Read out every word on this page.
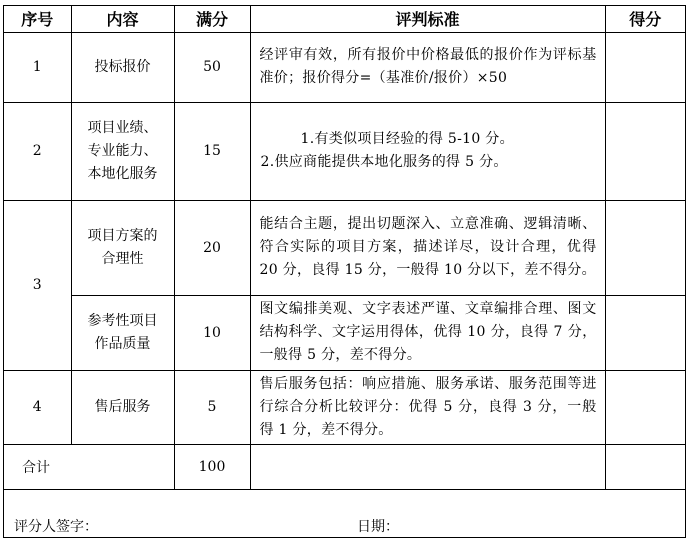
序号	内容	满分	评判标准	得分
1	投标报价	50	经评审有效，所有报价中价格最低的报价作为评标基准价；报价得分=（基准价/报价）×50	
2	项目业绩、专业能力、本地化服务	15	1.有类似项目经验的得 5-10 分。
2.供应商能提供本地化服务的得 5 分。	

3	项目方案的合理性	20	能结合主题，提出切题深入、立意准确、逻辑清晰、符合实际的项目方案，描述详尽，设计合理，优得 20 分，良得 15 分，一般得 10 分以下，差不得分。	
	参考性项目作品质量	10	图文编排美观、文字表述严谨、文章编排合理、图文结构科学、文字运用得体，优得 10 分，良得 7 分，一般得 5 分，差不得分。	
4	售后服务	5	售后服务包括：响应措施、服务承诺、服务范围等进行综合分析比较评分：优得 5 分，良得 3 分，一般得 1 分，差不得分。	
合计		100		
评分人签字：	日期：
